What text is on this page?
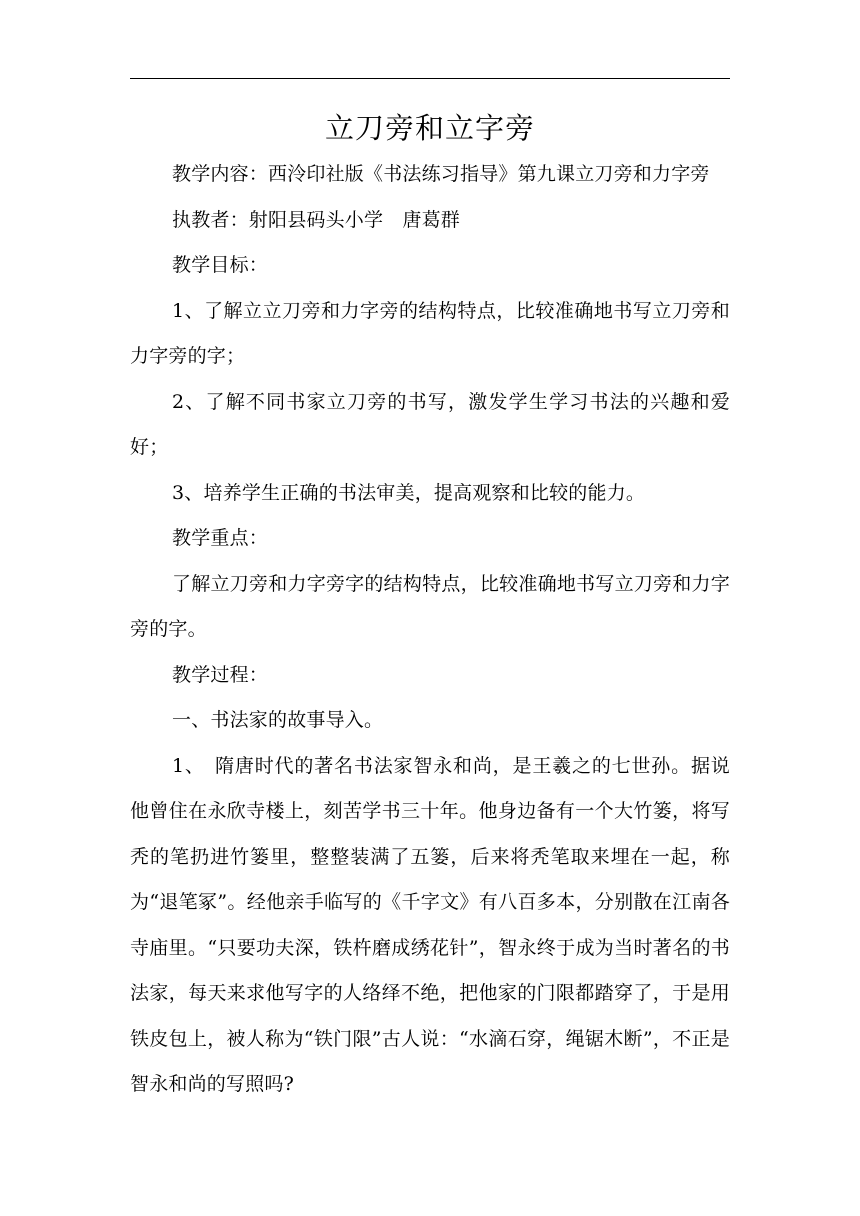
立刀旁和立字旁

教学内容：西泠印社版《书法练习指导》第九课立刀旁和力字旁

执教者：射阳县码头小学　唐葛群

教学目标：

1、了解立立刀旁和力字旁的结构特点，比较准确地书写立刀旁和力字旁的字；

2、了解不同书家立刀旁的书写，激发学生学习书法的兴趣和爱好；

3、培养学生正确的书法审美，提高观察和比较的能力。

教学重点：

了解立刀旁和力字旁字的结构特点，比较准确地书写立刀旁和力字旁的字。

教学过程：

一、书法家的故事导入。

1、　隋唐时代的著名书法家智永和尚，是王羲之的七世孙。据说他曾住在永欣寺楼上，刻苦学书三十年。他身边备有一个大竹篓，将写秃的笔扔进竹篓里，整整装满了五篓，后来将秃笔取来埋在一起，称为“退笔冢”。经他亲手临写的《千字文》有八百多本，分别散在江南各寺庙里。“只要功夫深，铁杵磨成绣花针”，智永终于成为当时著名的书法家，每天来求他写字的人络绎不绝，把他家的门限都踏穿了，于是用铁皮包上，被人称为“铁门限”古人说：“水滴石穿，绳锯木断”，不正是智永和尚的写照吗?
